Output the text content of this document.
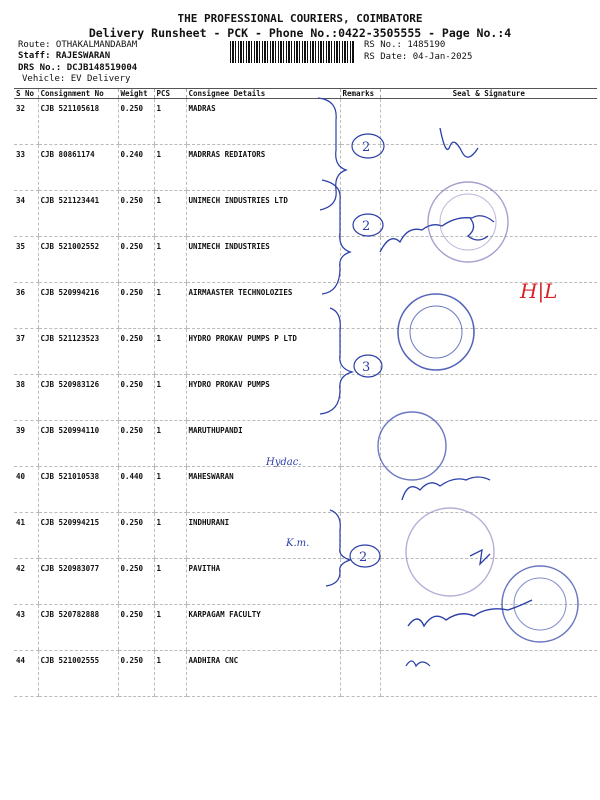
THE PROFESSIONAL COURIERS, COIMBATORE
Delivery Runsheet - PCK - Phone No.:0422-3505555 - Page No.:4
Route: OTHAKALMANDABAM
Staff: RAJESWARAN
DRS No.: DCJB148519004
Vehicle: EV Delivery
RS No.: 1485190
RS Date: 04-Jan-2025
S No	Consignment No	Weight	PCS	Consignee Details	Remarks	Seal & Signature
32	CJB 521105618	0.250	1	MADRAS		
33	CJB 80861174	0.240	1	MADRRAS REDIATORS		
34	CJB 521123441	0.250	1	UNIMECH INDUSTRIES LTD		
35	CJB 521002552	0.250	1	UNIMECH INDUSTRIES		
36	CJB 520994216	0.250	1	AIRMAASTER TECHNOLOZIES		
37	CJB 521123523	0.250	1	HYDRO PROKAV PUMPS P LTD		
38	CJB 520983126	0.250	1	HYDRO PROKAV PUMPS		
39	CJB 520994110	0.250	1	MARUTHUPANDI		
40	CJB 521010538	0.440	1	MAHESWARAN		
41	CJB 520994215	0.250	1	INDHURANI		
42	CJB 520983077	0.250	1	PAVITHA		
43	CJB 520782888	0.250	1	KARPAGAM FACULTY		
44	CJB 521002555	0.250	1	AADHIRA CNC		
2
2
3
2
H|L
Hydac.
K.m.
